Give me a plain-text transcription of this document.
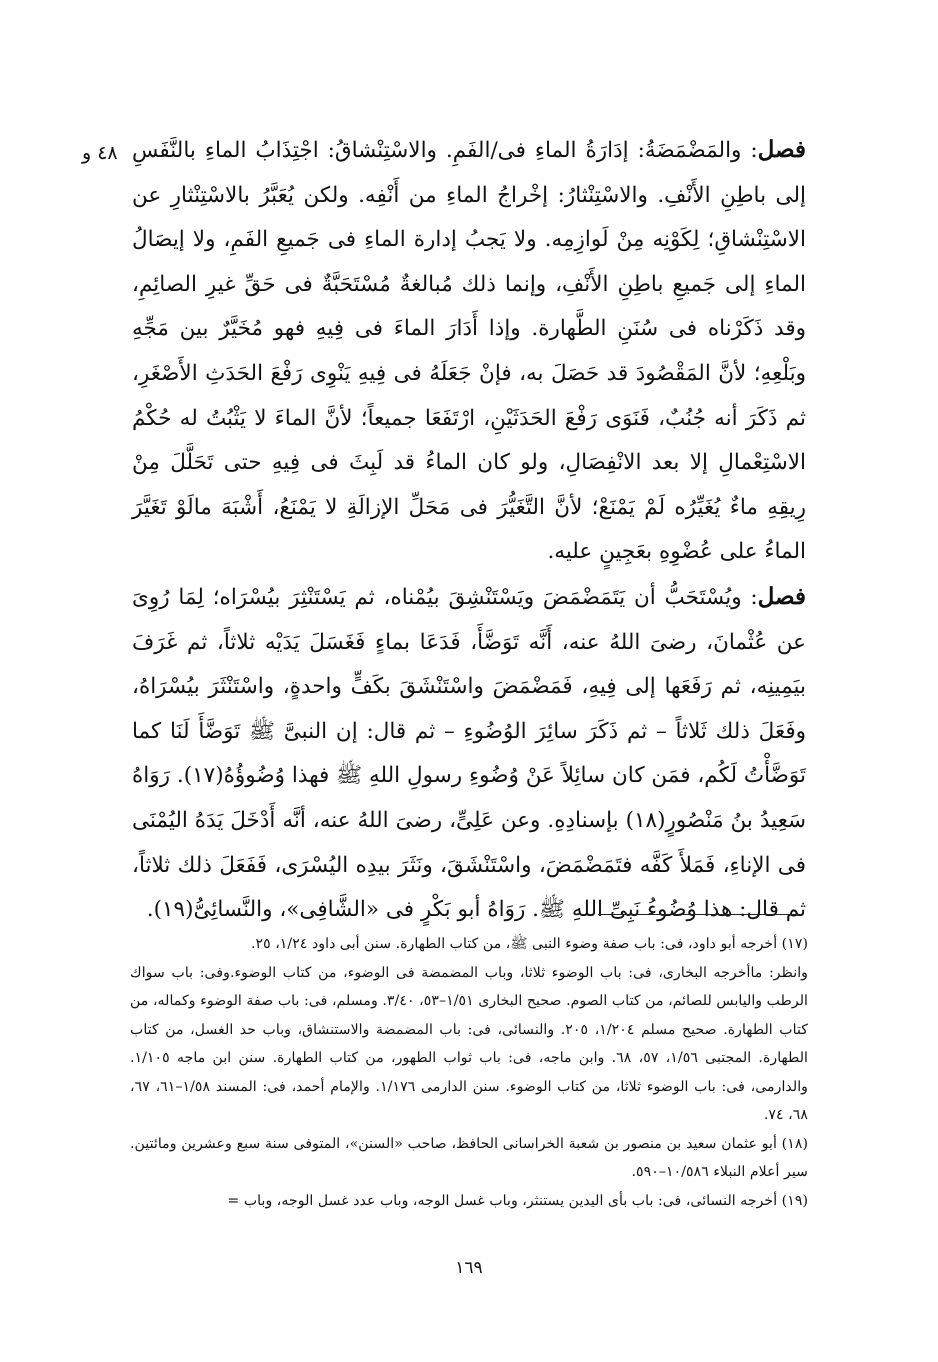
٤٨ و	فصل: والمَضْمَضَةُ: إدَارَةُ الماءِ فى/الفَمِ. والاسْتِنْشاقُ: اجْتِذَابُ الماءِ بالنَّفَسِ إلى باطِنِ الأَنْفِ. والاسْتِنْثارُ: إخْراجُ الماءِ من أَنْفِه. ولكن يُعَبَّرُ بالاسْتِنْثارِ عن الاسْتِنْشاقِ؛ لِكَوْنِه مِنْ لَوازِمِه. ولا يَجبُ إدارة الماءِ فى جَميعِ الفَمِ، ولا إيصَالُ الماءِ إلى جَميعِ باطِنِ الأَنْفِ، وإنما ذلك مُبالغةٌ مُسْتَحَبَّةٌ فى حَقِّ غيرِ الصائِمِ، وقد ذَكَرْناه فى سُنَنِ الطَّهارة. وإذا أَدَارَ الماءَ فى فِيهِ فهو مُخَيَّرٌ بين مَجِّهِ وبَلْعِهِ؛ لأنَّ المَقْصُودَ قد حَصَلَ به، فإنْ جَعَلَهُ فى فِيهِ يَنْوِى رَفْعَ الحَدَثِ الأَصْغَرِ، ثم ذَكَرَ أنه جُنُبٌ، فَنَوَى رَفْعَ الحَدَثَيْنِ، ارْتَفَعَا جميعاً؛ لأنَّ الماءَ لا يَثْبُتُ له حُكْمُ الاسْتِعْمالِ إلا بعد الانْفِصَالِ، ولو كان الماءُ قد لَبِثَ فى فِيهِ حتى تَحَلَّلَ مِنْ رِيقِهِ ماءٌ يُغَيِّرُه لَمْ يَمْنَعْ؛ لأنَّ التَّغَيُّرَ فى مَحَلِّ الإزالَةِ لا يَمْنَعُ، أَشْبَهَ مالَوْ تَغَيَّرَ الماءُ على عُضْوِهِ بعَجِينٍ عليه.

فصل: ويُسْتَحَبُّ أن يَتَمَضْمَضَ ويَسْتَنْشِقَ بيُمْناه، ثم يَسْتَنْثِرَ بيُسْرَاه؛ لِمَا رُوِىَ عن عُثْمانَ، رضىَ اللهُ عنه، أَنَّه تَوَضَّأَ، فَدَعَا بماءٍ فَغَسَلَ يَدَيْه ثلاثاً، ثم غَرَفَ بيَمِينِه، ثم رَفَعَها إلى فِيهِ، فَمَضْمَضَ واسْتَنْشَقَ بكَفٍّ واحدةٍ، واسْتَنْثَرَ بيُسْرَاهُ، وفَعَلَ ذلك ثَلاثاً – ثم ذَكَرَ سائِرَ الوُضُوءِ – ثم قال: إن النبىَّ ﷺ تَوَضَّأَ لَنَا كما تَوَضَّأْتُ لَكُم، فمَن كان سائِلاً عَنْ وُضُوءِ رسولِ اللهِ ﷺ فهذا وُضُوؤُهُ(١٧). رَوَاهُ سَعِيدُ بنُ مَنْصُورٍ(١٨) بإسنادِهِ. وعن عَلِىٍّ، رضىَ اللهُ عنه، أنَّه أَدْخَلَ يَدَهُ اليُمْنَى فى الإناءِ، فَمَلأَ كَفَّه فتَمَضْمَضَ، واسْتَنْشَقَ، ونَثَرَ بيدِه اليُسْرَى، فَفَعَلَ ذلك ثلاثاً، ثم قال: هذا وُضُوءُ نَبِىِّ اللهِ ﷺ. رَوَاهُ أبو بَكْرٍ فى «الشَّافِى»، والنَّسائِىُّ(١٩).

(١٧) أخرجه أبو داود، فى: باب صفة وضوء النبى ﷺ، من كتاب الطهارة. سنن أبى داود ١/٢٤، ٢٥.

وانظر: ماأخرجه البخارى، فى: باب الوضوء ثلاثا، وباب المضمضة فى الوضوء، من كتاب الوضوء.وفى: باب سواك الرطب واليابس للصائم، من كتاب الصوم. صحيح البخارى ١/٥١–٥٣، ٣/٤٠. ومسلم، فى: باب صفة الوضوء وكماله، من كتاب الطهارة. صحيح مسلم ١/٢٠٤، ٢٠٥. والنسائى، فى: باب المضمضة والاستنشاق، وباب حد الغسل، من كتاب الطهارة. المجتبى ١/٥٦، ٥٧، ٦٨. وابن ماجه، فى: باب ثواب الطهور، من كتاب الطهارة. سنن ابن ماجه ١/١٠٥. والدارمى، فى: باب الوضوء ثلاثا، من كتاب الوضوء. سنن الدارمى ١/١٧٦. والإمام أحمد، فى: المسند ١/٥٨–٦١، ٦٧، ٦٨، ٧٤.

(١٨) أبو عثمان سعيد بن منصور بن شعبة الخراسانى الحافظ، صاحب «السنن»، المتوفى سنة سبع وعشرين ومائتين. سير أعلام النبلاء ١٠/٥٨٦–٥٩٠.

(١٩) أخرجه النسائى، فى: باب بأى اليدين يستنثر، وباب غسل الوجه، وباب عدد غسل الوجه، وباب =

١٦٩
